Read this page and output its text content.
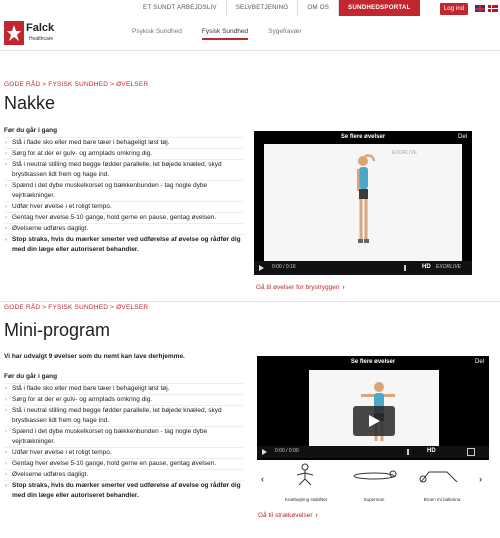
ET SUNDT ARBEJDSLIV	SELVBETJENING	OM OS	SUNDHEDSPORTAL	Log ind
Falck
Healthcare
Psykisk Sundhed	Fysisk Sundhed	Sygefravær
GODE RÅD > FYSISK SUNDHED > ØVELSER
Nakke
Før du går i gang
› Stå i flade sko eller med bare tæer i behageligt løst tøj.
› Sørg for at der er gulv- og armplads omkring dig.
› Stå i neutral stilling med begge fødder parallelle, let bøjede knæled, skyd brystkassen lidt frem og hage ind.
› Spænd i det dybe muskelkorset og bækkenbunden - tag nogle dybe vejrtrækninger.
› Udfør hver øvelse i et roligt tempo.
› Gentag hver øvelse 5-10 gange, hold gerne en pause, gentag øvelsen.
› Øvelserne udføres dagligt.
› Stop straks, hvis du mærker smerter ved udførelse af øvelse og rådfør dig med din læge eller autoriseret behandler.
Se flere øvelser	Del
EXORLIVE
0:00 / 0:16	HD EXORLIVE
Gå til øvelser for brystryggen ›
GODE RÅD > FYSISK SUNDHED > ØVELSER
Mini-program
Vi har udvalgt 9 øvelser som du nemt kan lave derhjemme.
Før du går i gang
› Stå i flade sko eller med bare tæer i behageligt løst tøj.
› Sørg for at der er gulv- og armplads omkring dig.
› Stå i neutral stilling med begge fødder parallelle, let bøjede knæled, skyd brystkassen lidt frem og hage ind.
› Spænd i det dybe muskelkorset og bækkenbunden - tag nogle dybe vejrtrækninger.
› Udfør hver øvelse i et roligt tempo.
› Gentag hver øvelse 5-10 gange, hold gerne en pause, gentag øvelsen.
› Øvelserne udføres dagligt.
› Stop straks, hvis du mærker smerter ved udførelse af øvelse og rådfør dig med din læge eller autoriseret behandler.
Se flere øvelser	Del
0:00 / 0:00	HD
‹
Knæbøjning stabilitet	Superman	Broen m/ ballerina
›
Gå til strækøvelser ›
